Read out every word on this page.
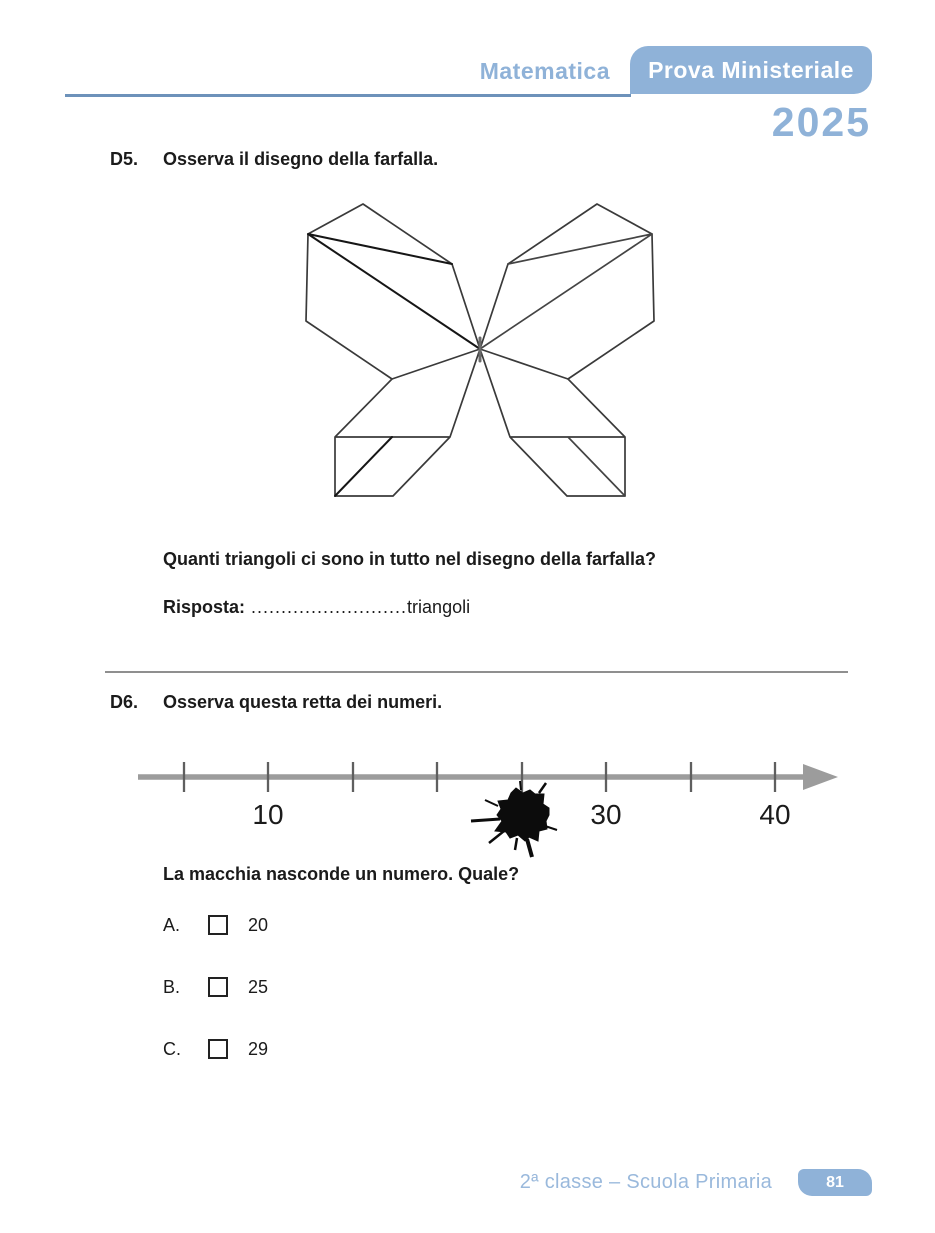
Matematica Prova Ministeriale
2025
D5. Osserva il disegno della farfalla.
Quanti triangoli ci sono in tutto nel disegno della farfalla?
Risposta: ..........................triangoli
D6. Osserva questa retta dei numeri.
10	30	40
La macchia nasconde un numero. Quale?
A.	20
B.	25
C.	29
2ª classe – Scuola Primaria	81
